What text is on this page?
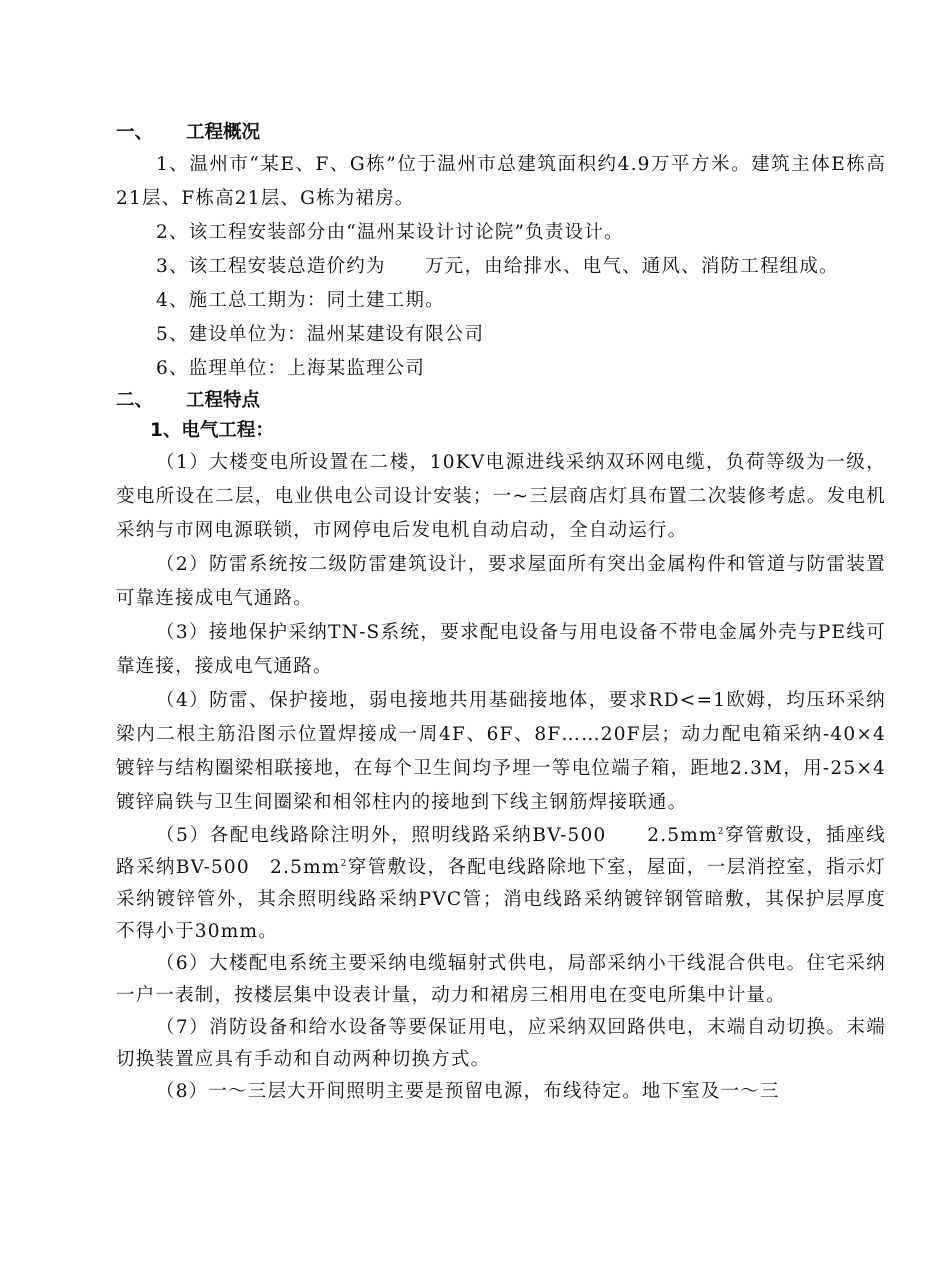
一、 工程概况

1、温州市“某E、F、G栋”位于温州市总建筑面积约4.9万平方米。建筑主体E栋高21层、F栋高21层、G栋为裙房。

2、该工程安装部分由“温州某设计讨论院”负责设计。

3、该工程安装总造价约为　　万元，由给排水、电气、通风、消防工程组成。

4、施工总工期为：同土建工期。

5、建设单位为：温州某建设有限公司

6、监理单位：上海某监理公司

二、 工程特点
1、电气工程：

（1）大楼变电所设置在二楼，10KV电源进线采纳双环网电缆，负荷等级为一级，变电所设在二层，电业供电公司设计安装；一~三层商店灯具布置二次装修考虑。发电机采纳与市网电源联锁，市网停电后发电机自动启动，全自动运行。

（2）防雷系统按二级防雷建筑设计，要求屋面所有突出金属构件和管道与防雷装置可靠连接成电气通路。

（3）接地保护采纳TN-S系统，要求配电设备与用电设备不带电金属外壳与PE线可靠连接，接成电气通路。

（4）防雷、保护接地，弱电接地共用基础接地体，要求RD<=1欧姆，均压环采纳梁内二根主筋沿图示位置焊接成一周4F、6F、8F……20F层；动力配电箱采纳-40×4镀锌与结构圈梁相联接地，在每个卫生间均予埋一等电位端子箱，距地2.3M，用-25×4镀锌扁铁与卫生间圈梁和相邻柱内的接地到下线主钢筋焊接联通。

（5）各配电线路除注明外，照明线路采纳BV-500　　$2.5mm^2$穿管敷设，插座线路采纳BV-500　$2.5mm^2$穿管敷设，各配电线路除地下室，屋面，一层消控室，指示灯采纳镀锌管外，其余照明线路采纳PVC管；消电线路采纳镀锌钢管暗敷，其保护层厚度不得小于30mm。

（6）大楼配电系统主要采纳电缆辐射式供电，局部采纳小干线混合供电。住宅采纳一户一表制，按楼层集中设表计量，动力和裙房三相用电在变电所集中计量。

（7）消防设备和给水设备等要保证用电，应采纳双回路供电，末端自动切换。末端切换装置应具有手动和自动两种切换方式。

（8）一～三层大开间照明主要是预留电源，布线待定。地下室及一～三
